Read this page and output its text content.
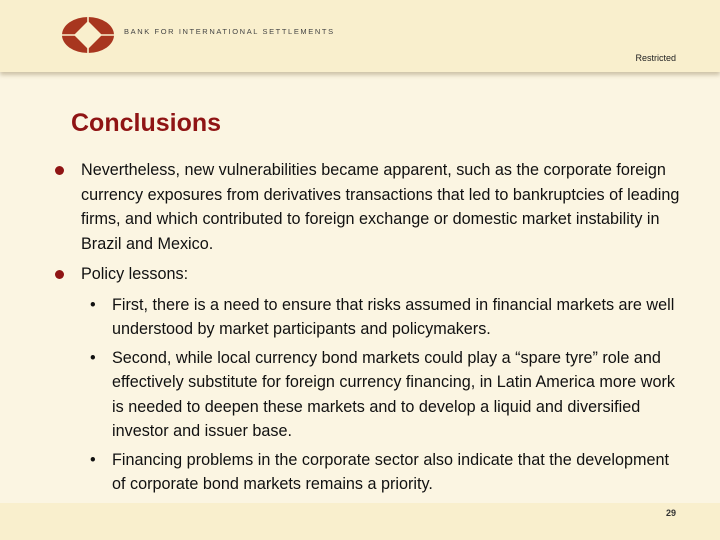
BANK FOR INTERNATIONAL SETTLEMENTS
Restricted
Conclusions
Nevertheless, new vulnerabilities became apparent, such as the corporate foreign currency exposures from derivatives transactions that led to bankruptcies of leading firms, and which contributed to foreign exchange or domestic market instability in Brazil and Mexico.
Policy lessons:
• First, there is a need to ensure that risks assumed in financial markets are well understood by market participants and policymakers.
• Second, while local currency bond markets could play a “spare tyre” role and effectively substitute for foreign currency financing, in Latin America more work is needed to deepen these markets and to develop a liquid and diversified investor and issuer base.
• Financing problems in the corporate sector also indicate that the development of corporate bond markets remains a priority.
29
